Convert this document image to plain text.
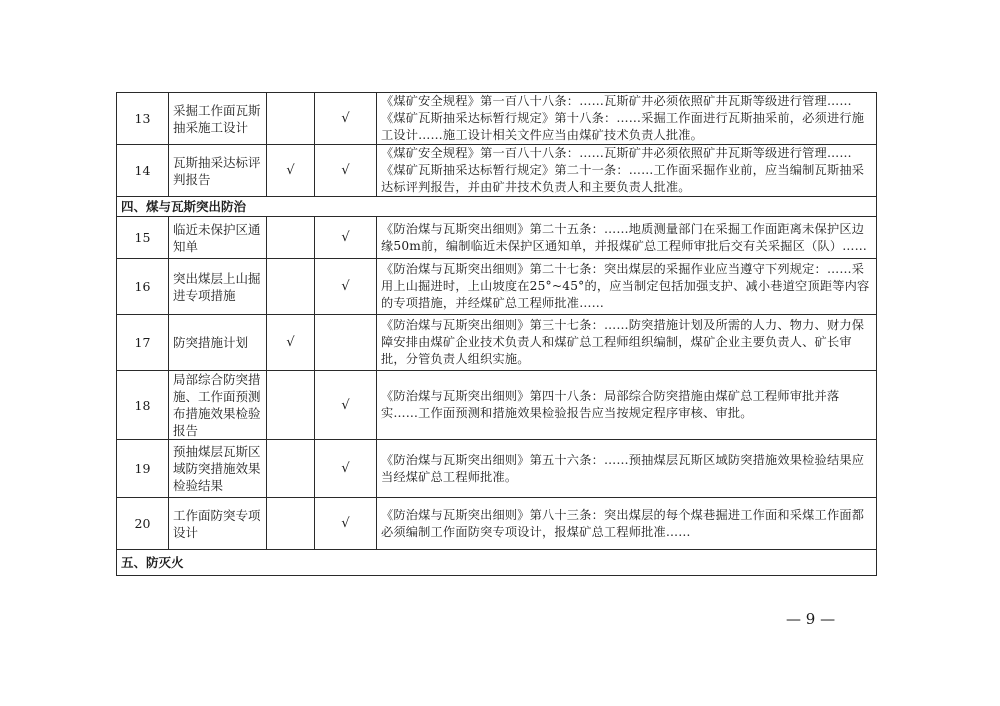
13	采掘工作面瓦斯抽采施工设计		√	《煤矿安全规程》第一百八十八条：……瓦斯矿井必须依照矿井瓦斯等级进行管理……《煤矿瓦斯抽采达标暂行规定》第十八条：……采掘工作面进行瓦斯抽采前，必须进行施工设计……施工设计相关文件应当由煤矿技术负责人批准。
14	瓦斯抽采达标评判报告	√	√	《煤矿安全规程》第一百八十八条：……瓦斯矿井必须依照矿井瓦斯等级进行管理……《煤矿瓦斯抽采达标暂行规定》第二十一条：……工作面采掘作业前，应当编制瓦斯抽采达标评判报告，并由矿井技术负责人和主要负责人批准。
四、煤与瓦斯突出防治				
15	临近未保护区通知单		√	《防治煤与瓦斯突出细则》第二十五条：……地质测量部门在采掘工作面距离未保护区边缘50m前，编制临近未保护区通知单，并报煤矿总工程师审批后交有关采掘区（队）……
16	突出煤层上山掘进专项措施		√	《防治煤与瓦斯突出细则》第二十七条：突出煤层的采掘作业应当遵守下列规定：……采用上山掘进时，上山坡度在25°~45°的，应当制定包括加强支护、减小巷道空顶距等内容的专项措施，并经煤矿总工程师批准……
17	防突措施计划	√		《防治煤与瓦斯突出细则》第三十七条：……防突措施计划及所需的人力、物力、财力保障安排由煤矿企业技术负责人和煤矿总工程师组织编制，煤矿企业主要负责人、矿长审批，分管负责人组织实施。
18	局部综合防突措施、工作面预测布措施效果检验报告		√	《防治煤与瓦斯突出细则》第四十八条：局部综合防突措施由煤矿总工程师审批并落实……工作面预测和措施效果检验报告应当按规定程序审核、审批。
19	预抽煤层瓦斯区域防突措施效果检验结果		√	《防治煤与瓦斯突出细则》第五十六条：……预抽煤层瓦斯区域防突措施效果检验结果应当经煤矿总工程师批准。
20	工作面防突专项设计		√	《防治煤与瓦斯突出细则》第八十三条：突出煤层的每个煤巷掘进工作面和采煤工作面都必须编制工作面防突专项设计，报煤矿总工程师批准……
五、防灭火				
— 9 —
